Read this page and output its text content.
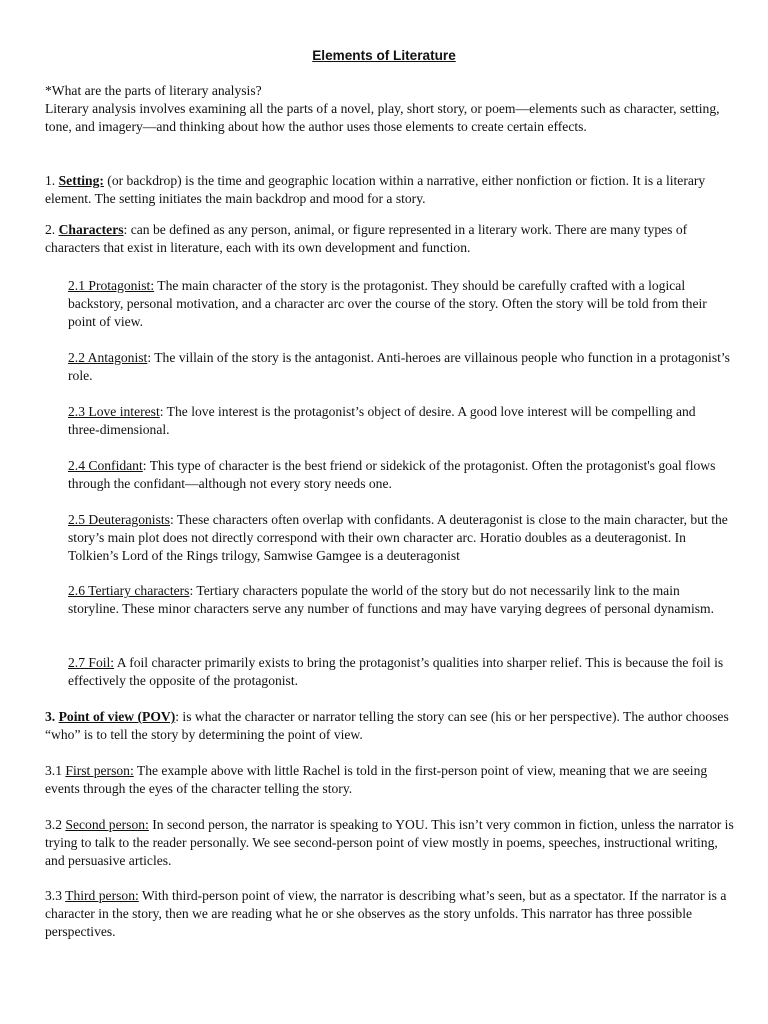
Elements of Literature

*What are the parts of literary analysis?
Literary analysis involves examining all the parts of a novel, play, short story, or poem—elements such as character, setting, tone, and imagery—and thinking about how the author uses those elements to create certain effects.

1. Setting: (or backdrop) is the time and geographic location within a narrative, either nonfiction or fiction. It is a literary element. The setting initiates the main backdrop and mood for a story.

2. Characters: can be defined as any person, animal, or figure represented in a literary work. There are many types of characters that exist in literature, each with its own development and function.

2.1 Protagonist: The main character of the story is the protagonist. They should be carefully crafted with a logical backstory, personal motivation, and a character arc over the course of the story. Often the story will be told from their point of view.

2.2 Antagonist: The villain of the story is the antagonist. Anti-heroes are villainous people who function in a protagonist’s role.

2.3 Love interest: The love interest is the protagonist’s object of desire. A good love interest will be compelling and three-dimensional.

2.4 Confidant: This type of character is the best friend or sidekick of the protagonist. Often the protagonist's goal flows through the confidant—although not every story needs one.

2.5 Deuteragonists: These characters often overlap with confidants. A deuteragonist is close to the main character, but the story’s main plot does not directly correspond with their own character arc. Horatio doubles as a deuteragonist. In Tolkien’s Lord of the Rings trilogy, Samwise Gamgee is a deuteragonist

2.6 Tertiary characters: Tertiary characters populate the world of the story but do not necessarily link to the main storyline. These minor characters serve any number of functions and may have varying degrees of personal dynamism.

2.7 Foil: A foil character primarily exists to bring the protagonist’s qualities into sharper relief. This is because the foil is effectively the opposite of the protagonist.

3. Point of view (POV): is what the character or narrator telling the story can see (his or her perspective). The author chooses “who” is to tell the story by determining the point of view.

3.1 First person: The example above with little Rachel is told in the first-person point of view, meaning that we are seeing events through the eyes of the character telling the story.

3.2 Second person: In second person, the narrator is speaking to YOU. This isn’t very common in fiction, unless the narrator is trying to talk to the reader personally. We see second-person point of view mostly in poems, speeches, instructional writing, and persuasive articles.

3.3 Third person: With third-person point of view, the narrator is describing what’s seen, but as a spectator. If the narrator is a character in the story, then we are reading what he or she observes as the story unfolds. This narrator has three possible perspectives.
